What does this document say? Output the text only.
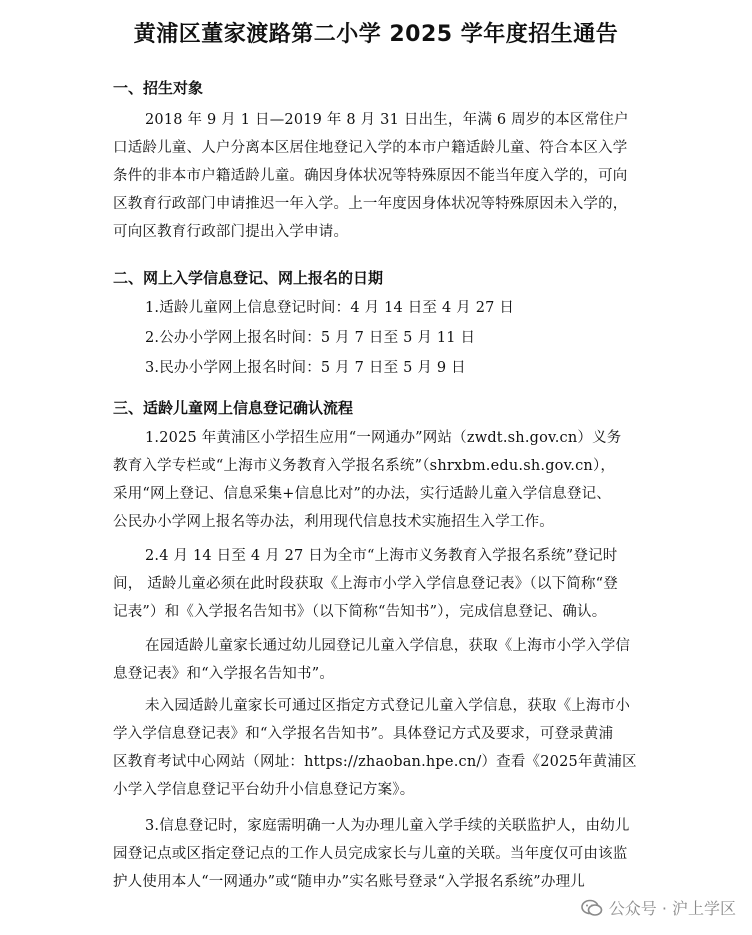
黄浦区董家渡路第二小学 2025 学年度招生通告
一、招生对象
2018 年 9 月 1 日—2019 年 8 月 31 日出生，年满 6 周岁的本区常住户
口适龄儿童、人户分离本区居住地登记入学的本市户籍适龄儿童、符合本区入学
条件的非本市户籍适龄儿童。确因身体状况等特殊原因不能当年度入学的，可向
区教育行政部门申请推迟一年入学。上一年度因身体状况等特殊原因未入学的，
可向区教育行政部门提出入学申请。
二、网上入学信息登记、网上报名的日期
1.适龄儿童网上信息登记时间：4 月 14 日至 4 月 27 日
2.公办小学网上报名时间：5 月 7 日至 5 月 11 日
3.民办小学网上报名时间：5 月 7 日至 5 月 9 日
三、适龄儿童网上信息登记确认流程
1.2025 年黄浦区小学招生应用“一网通办”网站（zwdt.sh.gov.cn）义务
教育入学专栏或“上海市义务教育入学报名系统”（shrxbm.edu.sh.gov.cn），
采用“网上登记、信息采集+信息比对”的办法，实行适龄儿童入学信息登记、
公民办小学网上报名等办法，利用现代信息技术实施招生入学工作。
2.4 月 14 日至 4 月 27 日为全市“上海市义务教育入学报名系统”登记时
间， 适龄儿童必须在此时段获取《上海市小学入学信息登记表》（以下简称“登
记表”）和《入学报名告知书》（以下简称“告知书”），完成信息登记、确认。
在园适龄儿童家长通过幼儿园登记儿童入学信息，获取《上海市小学入学信
息登记表》和“入学报名告知书”。
未入园适龄儿童家长可通过区指定方式登记儿童入学信息，获取《上海市小
学入学信息登记表》和“入学报名告知书”。具体登记方式及要求，可登录黄浦
区教育考试中心网站（网址：https://zhaoban.hpe.cn/）查看《2025年黄浦区
小学入学信息登记平台幼升小信息登记方案》。
3.信息登记时，家庭需明确一人为办理儿童入学手续的关联监护人，由幼儿
园登记点或区指定登记点的工作人员完成家长与儿童的关联。当年度仅可由该监
护人使用本人“一网通办”或“随申办”实名账号登录“入学报名系统”办理儿
公众号 · 沪上学区
